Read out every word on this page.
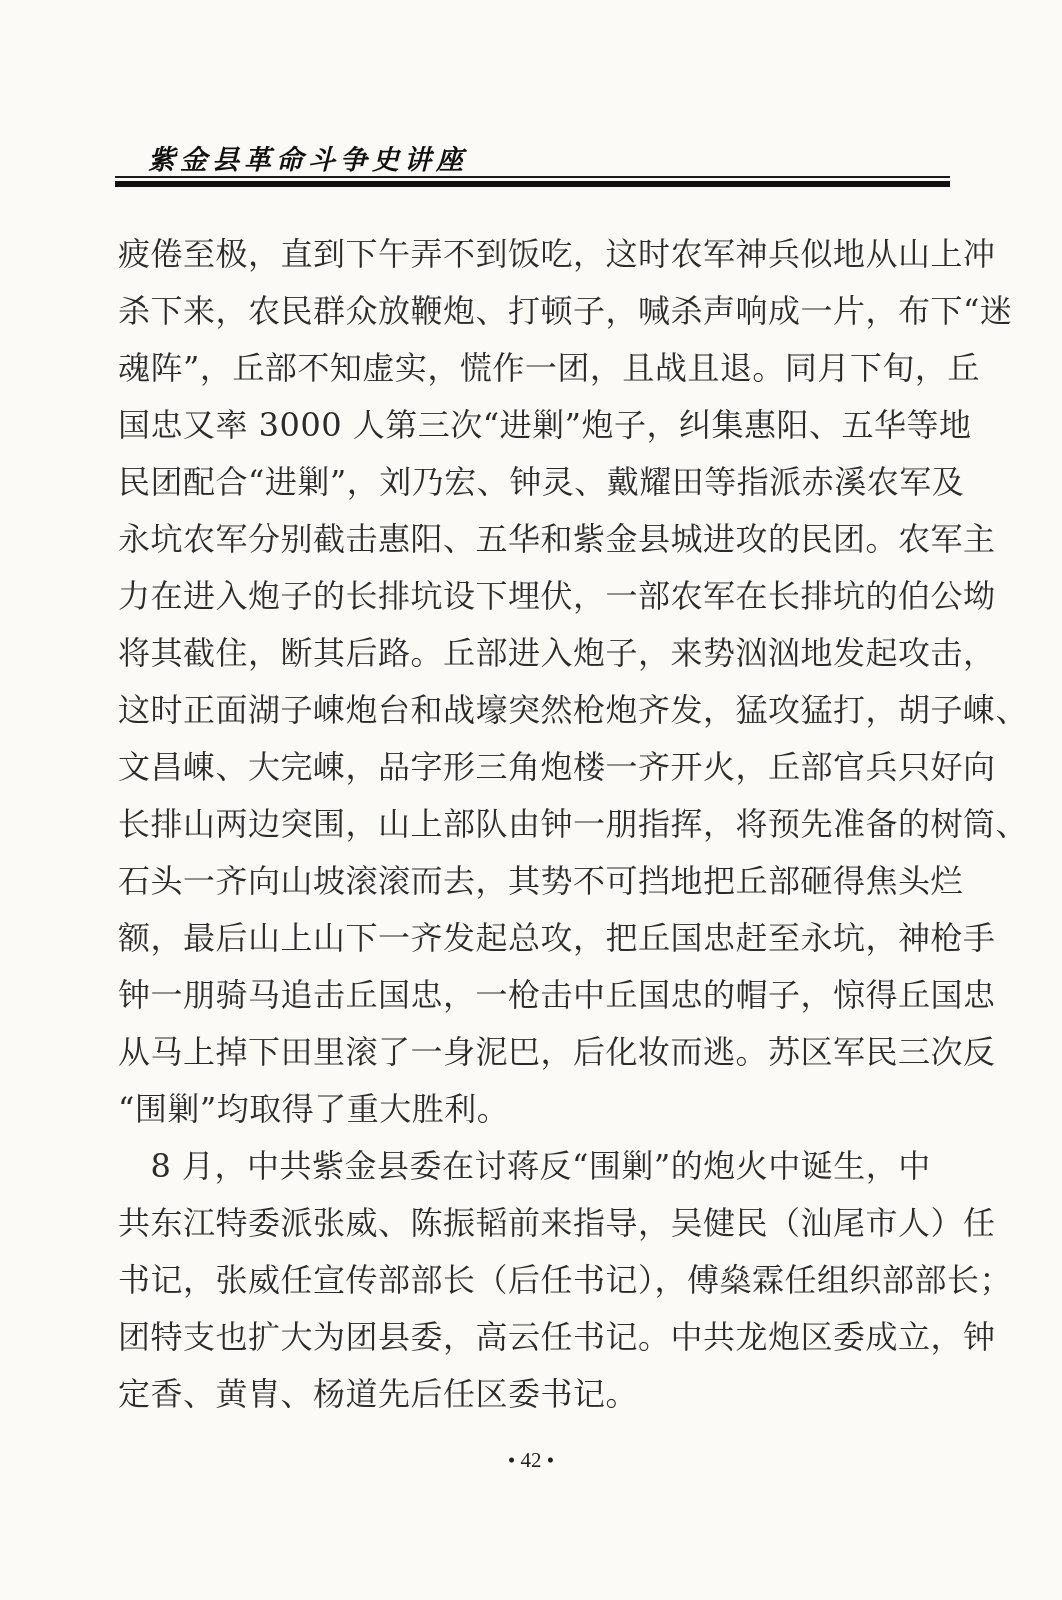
紫金县革命斗争史讲座
疲倦至极，直到下午弄不到饭吃，这时农军神兵似地从山上冲
杀下来，农民群众放鞭炮、打顿子，喊杀声响成一片，布下“迷
魂阵”，丘部不知虚实，慌作一团，且战且退。同月下旬，丘
国忠又率 3000 人第三次“进剿”炮子，纠集惠阳、五华等地
民团配合“进剿”，刘乃宏、钟灵、戴耀田等指派赤溪农军及
永坑农军分别截击惠阳、五华和紫金县城进攻的民团。农军主
力在进入炮子的长排坑设下埋伏，一部农军在长排坑的伯公坳
将其截住，断其后路。丘部进入炮子，来势汹汹地发起攻击，
这时正面湖子崠炮台和战壕突然枪炮齐发，猛攻猛打，胡子崠、
文昌崠、大完崠，品字形三角炮楼一齐开火，丘部官兵只好向
长排山两边突围，山上部队由钟一朋指挥，将预先准备的树筒、
石头一齐向山坡滚滚而去，其势不可挡地把丘部砸得焦头烂
额，最后山上山下一齐发起总攻，把丘国忠赶至永坑，神枪手
钟一朋骑马追击丘国忠，一枪击中丘国忠的帽子，惊得丘国忠
从马上掉下田里滚了一身泥巴，后化妆而逃。苏区军民三次反
“围剿”均取得了重大胜利。
　8 月，中共紫金县委在讨蒋反“围剿”的炮火中诞生，中
共东江特委派张威、陈振韬前来指导，吴健民（汕尾市人）任
书记，张威任宣传部部长（后任书记），傅燊霖任组织部部长；
团特支也扩大为团县委，高云任书记。中共龙炮区委成立，钟
定香、黄胄、杨道先后任区委书记。
• 42 •
